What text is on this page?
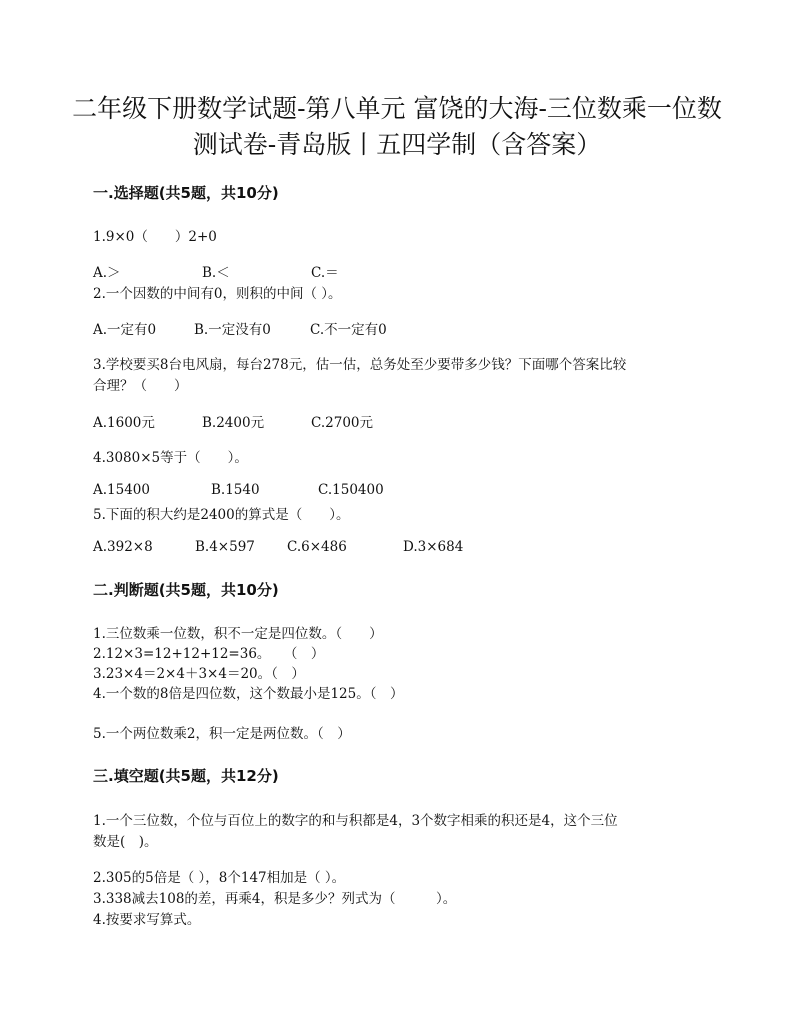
二年级下册数学试题-第八单元 富饶的大海-三位数乘一位数
测试卷-青岛版丨五四学制（含答案）
一.选择题(共5题，共10分)
1.9×0（　　）2+0
A.＞	B.＜	C.＝
2.一个因数的中间有0，则积的中间（ ）。
A.一定有0	B.一定没有0	C.不一定有0
3.学校要买8台电风扇，每台278元，估一估，总务处至少要带多少钱？下面哪个答案比较
合理？（　　）
A.1600元	B.2400元	C.2700元
4.3080×5等于（　　）。
A.15400	B.1540	C.150400
5.下面的积大约是2400的算式是（　　）。
A.392×8	B.4×597 C.6×486	D.3×684
二.判断题(共5题，共10分)
1.三位数乘一位数，积不一定是四位数。（　　）
2.12×3=12+12+12=36。　　（　）
3.23×4＝2×4＋3×4＝20。（　）
4.一个数的8倍是四位数，这个数最小是125。（　）
5.一个两位数乘2，积一定是两位数。（　）
三.填空题(共5题，共12分)
1.一个三位数，个位与百位上的数字的和与积都是4，3个数字相乘的积还是4，这个三位
数是(　)。
2.305的5倍是（ ），8个147相加是（ ）。
3.338减去108的差，再乘4，积是多少？列式为（　　　）。
4.按要求写算式。
